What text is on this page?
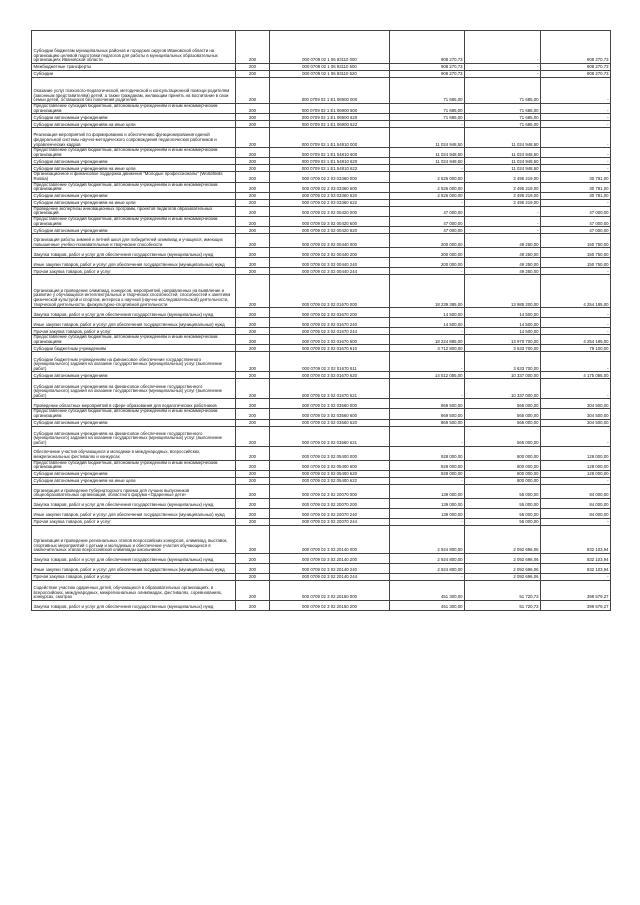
Субсидии бюджетам муниципальных районов и городских округов Ивановской области на организацию целевой подготовки педагогов для работы в муниципальных образовательных организациях Ивановской области	200	000 0709 02 1 06 83110 000	908 270,73	-	908 270,73
Межбюджетные трансферты	200	000 0709 02 1 06 83110 500	908 270,73	-	908 270,73
Субсидии	200	000 0709 02 1 06 83110 520	908 270,73	-	908 270,73
Оказание услуг психолого-педагогической, методической и консультационной помощи родителям (законным представителям) детей, а также гражданам, желающим принять на воспитание в свои семьи детей, оставшихся без попечения родителей	200	000 0709 02 1 E1 06900 000	71 685,00	71 685,00	-
Предоставление субсидий бюджетным, автономным учреждениям и иным некоммерческим организациям	200	000 0709 02 1 E1 06900 600	71 685,00	71 685,00	-
Субсидии автономным учреждениям	200	000 0709 02 1 E1 06900 620	71 685,00	71 685,00	-
Субсидии автономным учреждениям на иные цели	200	000 0709 02 1 E1 06900 622	-	71 685,00	-
Реализация мероприятий по формированию и обеспечению функционирования единой федеральной системы научно-методического сопровождения педагогических работников и управленческих кадров	200	000 0709 02 1 E1 54810 000	11 024 948,50	11 024 948,50	-
Предоставление субсидий бюджетным, автономным учреждениям и иным некоммерческим организациям	200	000 0709 02 1 E1 54810 600	11 024 948,50	11 024 948,50	-
Субсидии автономным учреждениям	200	000 0709 02 1 E1 54810 620	11 024 948,50	11 024 948,50	-
Субсидии автономным учреждениям на иные цели	200	000 0709 02 1 E1 54810 622	-	11 024 948,50	-
Организационное и финансовое поддержка движения "Молодые профессионалы" (WorldSkills Russia)	200	000 0709 02 2 03 03360 000	2 526 000,00	2 495 219,00	30 781,00
Предоставление субсидий бюджетным, автономным учреждениям и иным некоммерческим организациям	200	000 0709 02 2 03 03360 600	2 526 000,00	2 495 219,00	30 781,00
Субсидии автономным учреждениям	200	000 0709 02 2 03 03360 620	2 526 000,00	2 495 219,00	30 781,00
Субсидии автономным учреждениям на иные цели	200	000 0709 02 2 03 03360 622	-	2 495 219,00	-
Проведение экспертизы инновационных программ, проектов педагогов образовательных организаций	200	000 0709 02 3 02 00420 000	47 000,00	-	47 000,00
Предоставление субсидий бюджетным, автономным учреждениям и иным некоммерческим организациям	200	000 0709 02 3 02 00420 600	47 000,00	-	47 000,00
Субсидии автономным учреждениям	200	000 0709 02 3 02 00420 620	47 000,00	-	47 000,00
Организация работы зимней и летней школ для победителей олимпиад и учащихся, имеющих повышенные учебно-познавательные и творческие способности	200	000 0709 02 3 02 00440 000	200 000,00	49 250,00	150 750,00
Закупка товаров, работ и услуг для обеспечения государственных (муниципальных) нужд	200	000 0709 02 3 02 00440 200	200 000,00	49 250,00	150 750,00
Иные закупки товаров, работ и услуг для обеспечения государственных (муниципальных) нужд	200	000 0709 02 3 02 00440 240	200 000,00	49 250,00	150 750,00
Прочая закупка товаров, работ и услуг	200	000 0709 02 3 02 00440 244	-	49 250,00	-
Организация и проведение олимпиад, конкурсов, мероприятий, направленных на выявление и развитие у обучающихся интеллектуальных и творческих способностей, способностей к занятиям физической культурой и спортом, интереса к научной (научно-исследовательской) деятельности, творческой деятельности, физкультурно-спортивной деятельности	200	000 0709 02 3 02 01670 000	18 239 385,00	13 985 200,00	4 254 185,00
Закупка товаров, работ и услуг для обеспечения государственных (муниципальных) нужд	200	000 0709 02 3 02 01670 200	14 500,00	14 500,00	-
Иные закупки товаров, работ и услуг для обеспечения государственных (муниципальных) нужд	200	000 0709 02 3 02 01670 240	14 500,00	14 500,00	-
Прочая закупка товаров, работ и услуг	200	000 0709 02 3 02 01670 244	-	14 500,00	-
Предоставление субсидий бюджетным, автономным учреждениям и иным некоммерческим организациям	200	000 0709 02 3 02 01670 600	18 224 885,00	13 970 700,00	4 254 185,00
Субсидии бюджетным учреждениям	200	000 0709 02 3 02 01670 610	3 712 800,00	3 633 700,00	79 100,00
Субсидии бюджетным учреждениям на финансовое обеспечение государственного (муниципального) задания на оказание государственных (муниципальных) услуг (выполнение работ)	200	000 0709 02 3 02 01670 611	-	3 633 700,00	-
Субсидии автономным учреждениям	200	000 0709 02 3 02 01670 620	14 512 085,00	10 337 000,00	4 175 085,00
Субсидии автономным учреждениям на финансовое обеспечение государственного (муниципального) задания на оказание государственных (муниципальных) услуг (выполнение работ)	200	000 0709 02 3 02 01670 621	-	10 337 000,00	-
Проведение областных мероприятий в сфере образования для педагогических работников	200	000 0709 02 3 02 03560 000	869 500,00	565 000,00	304 500,00
Предоставление субсидий бюджетным, автономным учреждениям и иным некоммерческим организациям	200	000 0709 02 3 02 03560 600	869 500,00	565 000,00	304 500,00
Субсидии автономным учреждениям	200	000 0709 02 3 02 03560 620	869 500,00	565 000,00	304 500,00
Субсидии автономным учреждениям на финансовое обеспечение государственного (муниципального) задания на оказание государственных (муниципальных) услуг (выполнение работ)	200	000 0709 02 3 02 03560 621	-	565 000,00	-
Обеспечение участия обучающихся и молодежи в международных, всероссийских, межрегиональных фестивалях и конкурсах	200	000 0709 02 3 02 05400 000	928 000,00	800 000,00	128 000,00
Предоставление субсидий бюджетным, автономным учреждениям и иным некоммерческим организациям	200	000 0709 02 3 02 05400 600	928 000,00	800 000,00	128 000,00
Субсидии автономным учреждениям	200	000 0709 02 3 02 05400 620	928 000,00	800 000,00	128 000,00
Субсидии автономным учреждениям на иные цели	200	000 0709 02 3 02 05400 622	-	800 000,00	-
Организация и проведение Губернаторского приема для лучших выпускников общеобразовательных организаций, областного форума «Одаренные дети»	200	000 0709 02 3 02 20070 000	139 000,00	55 000,00	84 000,00
Закупка товаров, работ и услуг для обеспечения государственных (муниципальных) нужд	200	000 0709 02 3 02 20070 200	139 000,00	55 000,00	84 000,00
Иные закупки товаров, работ и услуг для обеспечения государственных (муниципальных) нужд	200	000 0709 02 3 02 20070 240	139 000,00	55 000,00	84 000,00
Прочая закупка товаров, работ и услуг	200	000 0709 02 3 02 20070 244	-	55 000,00	-
Организация и проведение региональных этапов всероссийских конкурсов, олимпиад, выставок, спортивных мероприятий с детьми и молодежью и обеспечение участия обучающихся в заключительных этапах всероссийской олимпиады школьников	200	000 0709 02 3 02 20140 000	2 924 800,00	2 092 696,06	832 103,94
Закупка товаров, работ и услуг для обеспечения государственных (муниципальных) нужд	200	000 0709 02 3 02 20140 200	2 924 800,00	2 092 696,06	832 103,94
Иные закупки товаров, работ и услуг для обеспечения государственных (муниципальных) нужд	200	000 0709 02 3 02 20140 240	2 924 800,00	2 092 696,06	832 103,94
Прочая закупка товаров, работ и услуг	200	000 0709 02 3 02 20140 244	-	2 092 696,06	-
Содействие участию одаренных детей, обучающихся в образовательных организациях, в всероссийских, международных, межрегиональных олимпиадах, фестивалях, соревнованиях, конкурсах, смотрах	200	000 0709 02 3 02 20150 000	451 300,00	51 720,73	399 579,27
Закупка товаров, работ и услуг для обеспечения государственных (муниципальных) нужд	200	000 0709 02 3 02 20150 200	451 300,00	51 720,73	399 579,27
